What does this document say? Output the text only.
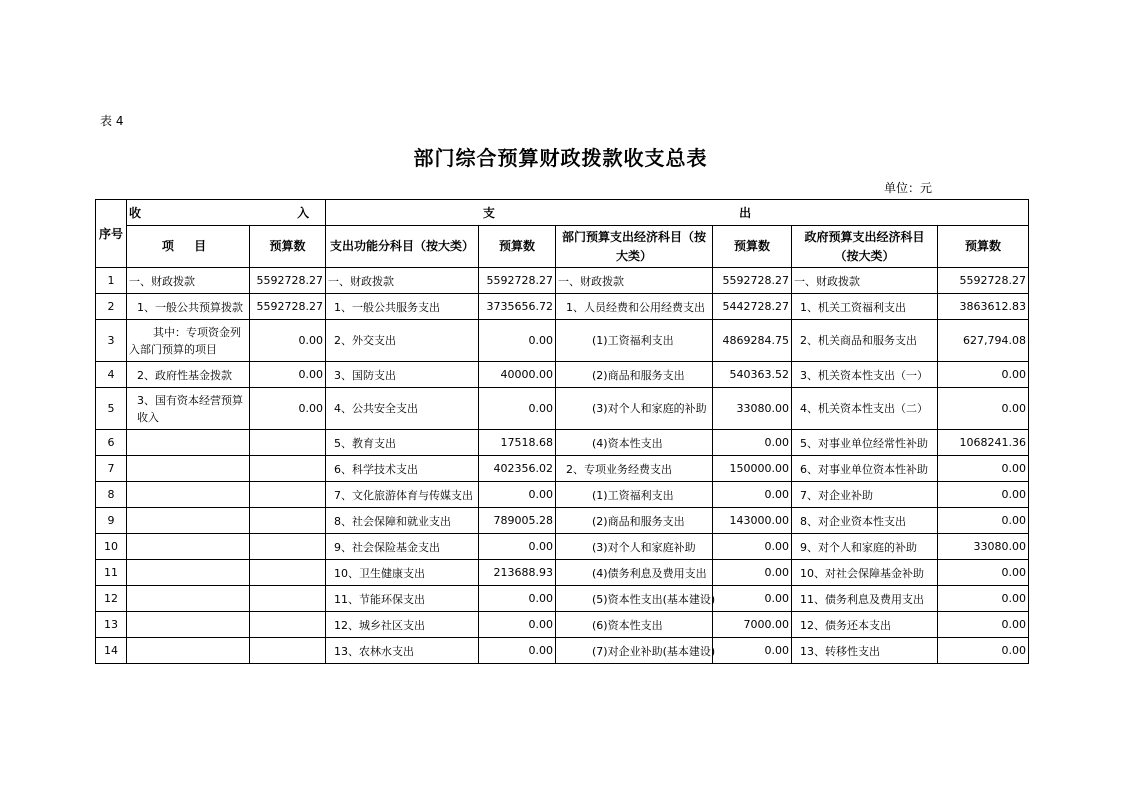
表 4
部门综合预算财政拨款收支总表
单位：元
序号	收 入		支 出					
	项 目	预算数	支出功能分科目（按大类）	预算数	部门预算支出经济科目（按大类）	预算数	政府预算支出经济科目（按大类）	预算数
1	一、财政拨款	5592728.27	一、财政拨款	5592728.27	一、财政拨款	5592728.27	一、财政拨款	5592728.27
2	1、一般公共预算拨款	5592728.27	1、一般公共服务支出	3735656.72	1、人员经费和公用经费支出	5442728.27	1、机关工资福利支出	3863612.83
3	其中：专项资金列入部门预算的项目	0.00	2、外交支出	0.00	(1)工资福利支出	4869284.75	2、机关商品和服务支出	627,794.08
4	2、政府性基金拨款	0.00	3、国防支出	40000.00	(2)商品和服务支出	540363.52	3、机关资本性支出（一）	0.00
5	3、国有资本经营预算收入	0.00	4、公共安全支出	0.00	(3)对个人和家庭的补助	33080.00	4、机关资本性支出（二）	0.00
6			5、教育支出	17518.68	(4)资本性支出	0.00	5、对事业单位经常性补助	1068241.36
7			6、科学技术支出	402356.02	2、专项业务经费支出	150000.00	6、对事业单位资本性补助	0.00
8			7、文化旅游体育与传媒支出	0.00	(1)工资福利支出	0.00	7、对企业补助	0.00
9			8、社会保障和就业支出	789005.28	(2)商品和服务支出	143000.00	8、对企业资本性支出	0.00
10			9、社会保险基金支出	0.00	(3)对个人和家庭补助	0.00	9、对个人和家庭的补助	33080.00
11			10、卫生健康支出	213688.93	(4)债务利息及费用支出	0.00	10、对社会保障基金补助	0.00
12			11、节能环保支出	0.00	(5)资本性支出(基本建设)	0.00	11、债务利息及费用支出	0.00
13			12、城乡社区支出	0.00	(6)资本性支出	7000.00	12、债务还本支出	0.00
14			13、农林水支出	0.00	(7)对企业补助(基本建设)	0.00	13、转移性支出	0.00
